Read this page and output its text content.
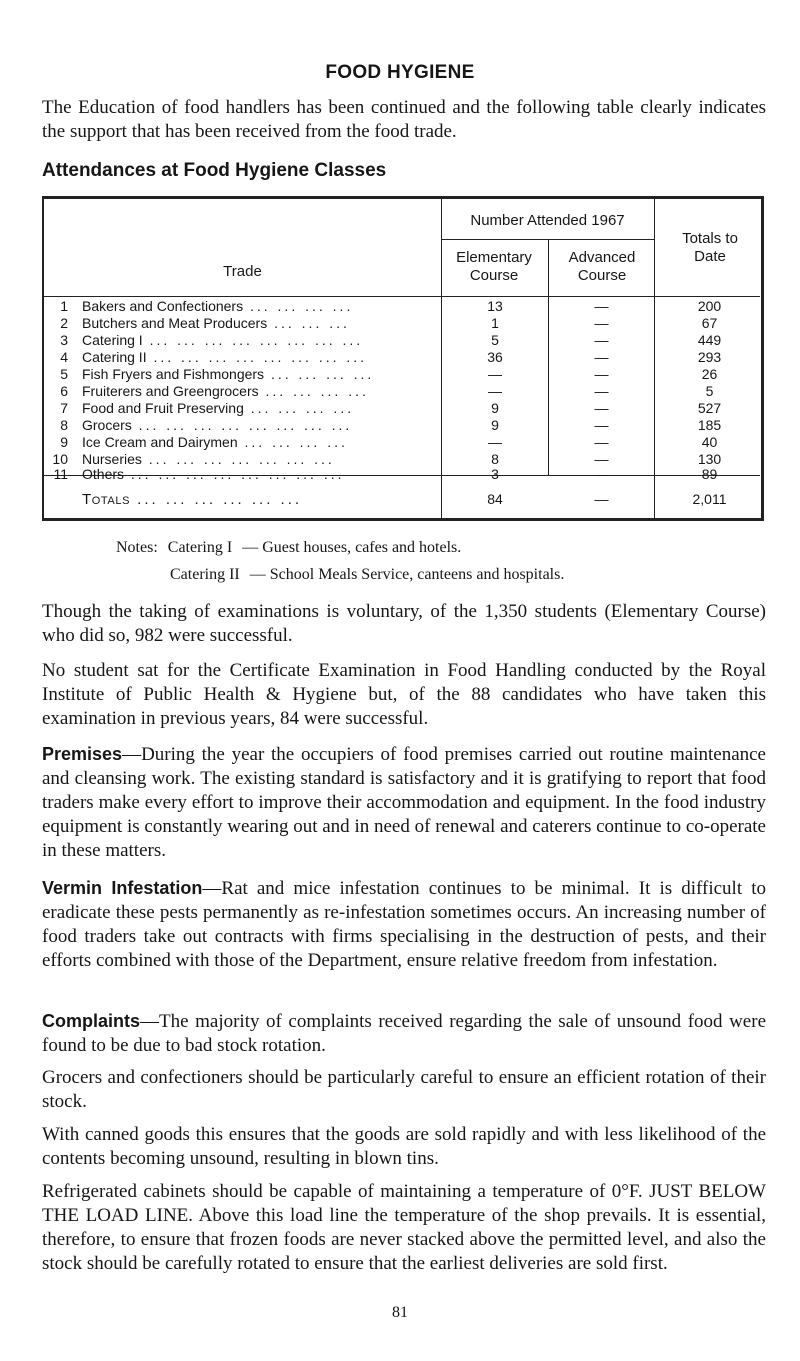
FOOD HYGIENE

The Education of food handlers has been continued and the following table clearly indicates the support that has been received from the food trade.

Attendances at Food Hygiene Classes
Number Attended 1967
Trade
Elementary Course
Advanced Course
Totals to Date
1 Bakers and Confectioners ... ... ... ...	13	—	200
2 Butchers and Meat Producers ... ... ...	1	—	67
3 Catering I ... ... ... ... ... ... ... ...	5	—	449
4 Catering II ... ... ... ... ... ... ... ...	36	—	293
5 Fish Fryers and Fishmongers ... ... ... ...	—	—	26
6 Fruiterers and Greengrocers ... ... ... ...	—	—	5
7 Food and Fruit Preserving ... ... ... ...	9	—	527
8 Grocers ... ... ... ... ... ... ... ...	9	—	185
9 Ice Cream and Dairymen ... ... ... ...	—	—	40
10 Nurseries ... ... ... ... ... ... ...	8	—	130
11 Others ... ... ... ... ... ... ... ...	3	—	89
Totals ... ... ... ... ... ...	84	—	2,011
Notes: Catering I — Guest houses, cafes and hotels.
Catering II — School Meals Service, canteens and hospitals.

Though the taking of examinations is voluntary, of the 1,350 students (Elementary Course) who did so, 982 were successful.

No student sat for the Certificate Examination in Food Handling conducted by the Royal Institute of Public Health & Hygiene but, of the 88 candidates who have taken this examination in previous years, 84 were successful.

Premises—During the year the occupiers of food premises carried out routine maintenance and cleansing work. The existing standard is satisfactory and it is gratifying to report that food traders make every effort to improve their accommodation and equipment. In the food industry equipment is constantly wearing out and in need of renewal and caterers continue to co-operate in these matters.

Vermin Infestation—Rat and mice infestation continues to be minimal. It is difficult to eradicate these pests permanently as re-infestation sometimes occurs. An increasing number of food traders take out contracts with firms specialising in the destruction of pests, and their efforts combined with those of the Department, ensure relative freedom from infestation.

Complaints—The majority of complaints received regarding the sale of unsound food were found to be due to bad stock rotation.

Grocers and confectioners should be particularly careful to ensure an efficient rotation of their stock.

With canned goods this ensures that the goods are sold rapidly and with less likelihood of the contents becoming unsound, resulting in blown tins.

Refrigerated cabinets should be capable of maintaining a temperature of 0°F. JUST BELOW THE LOAD LINE. Above this load line the temperature of the shop prevails. It is essential, therefore, to ensure that frozen foods are never stacked above the permitted level, and also the stock should be carefully rotated to ensure that the earliest deliveries are sold first.

81
